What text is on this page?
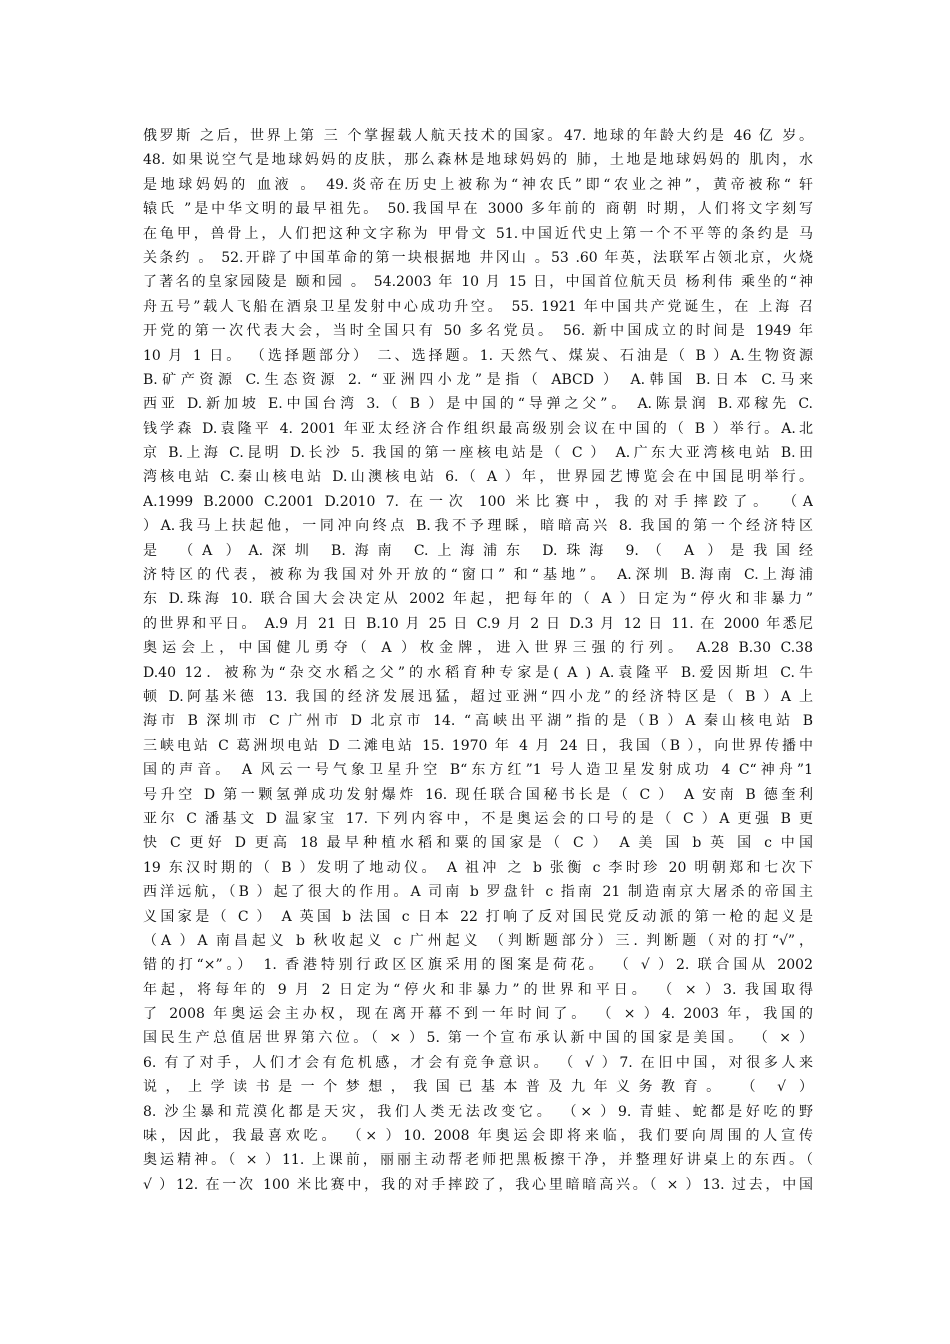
俄罗斯 之后，世界上第 三 个掌握载人航天技术的国家。47. 地球的年龄大约是 46 亿 岁。
48. 如果说空气是地球妈妈的皮肤，那么森林是地球妈妈的 肺，土地是地球妈妈的 肌肉，水
是地球妈妈的 血液 。 49.炎帝在历史上被称为“神农氏”即“农业之神”，黄帝被称“ 轩
辕氏 ”是中华文明的最早祖先。 50.我国早在 3000 多年前的 商朝 时期，人们将文字刻写
在龟甲，兽骨上，人们把这种文字称为 甲骨文 51.中国近代史上第一个不平等的条约是 马
关条约 。 52.开辟了中国革命的第一块根据地 井冈山 。53 .60 年英，法联军占领北京，火烧
了著名的皇家园陵是 颐和园 。 54.2003 年 10 月 15 日，中国首位航天员 杨利伟 乘坐的“神
舟五号”载人飞船在酒泉卫星发射中心成功升空。 55. 1921 年中国共产党诞生，在 上海 召
开党的第一次代表大会，当时全国只有 50 多名党员。 56. 新中国成立的时间是 1949 年
10 月 1 日。 （选择题部分） 二、选择题。1. 天然气、煤炭、石油是（ B ）A.生物资源
B.矿产资源 C.生态资源 2. “亚洲四小龙”是指（ ABCD ） A.韩国 B.日本 C.马来
西亚 D.新加坡 E.中国台湾 3.（ B ）是中国的“导弹之父”。 A.陈景润 B.邓稼先 C.
钱学森 D.袁隆平 4. 2001 年亚太经济合作组织最高级别会议在中国的（ B ）举行。A.北
京 B.上海 C.昆明 D.长沙 5. 我国的第一座核电站是（ C ） A.广东大亚湾核电站 B.田
湾核电站 C.秦山核电站 D.山澳核电站 6.（ A ）年，世界园艺博览会在中国昆明举行。
A.1999 B.2000 C.2001 D.2010 7. 在一次 100 米比赛中，我的对手摔跤了。 （A
）A.我马上扶起他，一同冲向终点 B.我不予理睬，暗暗高兴 8. 我国的第一个经济特区
是 （A ）A.深圳 B.海南 C.上海浦东 D.珠海 9.（ A ）是我国经
济特区的代表，被称为我国对外开放的“窗口” 和“基地”。 A.深圳 B.海南 C.上海浦
东 D.珠海 10. 联合国大会决定从 2002 年起，把每年的（ A ）日定为“停火和非暴力”
的世界和平日。 A.9 月 21 日 B.10 月 25 日 C.9 月 2 日 D.3 月 12 日 11. 在 2000 年悉尼
奥运会上，中国健儿勇夺（ A ）枚金牌，进入世界三强的行列。 A.28 B.30 C.38
D.40 12．被称为“杂交水稻之父”的水稻育种专家是( A ) A.袁隆平 B.爱因斯坦 C.牛
顿 D.阿基米德 13. 我国的经济发展迅猛，超过亚洲“四小龙”的经济特区是（ B ）A 上
海市 B 深圳市 C 广州市 D 北京市 14. “高峡出平湖”指的是（B ）A 秦山核电站 B
三峡电站 C 葛洲坝电站 D 二滩电站 15. 1970 年 4 月 24 日，我国（B ），向世界传播中
国的声音。 A 风云一号气象卫星升空 B“东方红”1 号人造卫星发射成功 4 C“神舟”1
号升空 D 第一颗氢弹成功发射爆炸 16. 现任联合国秘书长是（ C ） A 安南 B 德奎利
亚尔 C 潘基文 D 温家宝 17. 下列内容中，不是奥运会的口号的是（ C ）A 更强 B 更
快 C 更好 D 更高 18 最早种植水稻和粟的国家是（ C ） A 美 国 b 英 国 c 中国
19 东汉时期的（ B ）发明了地动仪。 A 祖冲 之 b 张衡 c 李时珍 20 明朝郑和七次下
西洋远航，（B ）起了很大的作用。A 司南 b 罗盘针 c 指南 21 制造南京大屠杀的帝国主
义国家是（ C ） A 英国 b 法国 c 日本 22 打响了反对国民党反动派的第一枪的起义是
（A ）A 南昌起义 b 秋收起义 c 广州起义 （判断题部分）三. 判断题（对的打“√”，
错的打“×”。） 1. 香港特别行政区区旗采用的图案是荷花。 （ √ ）2. 联合国从 2002
年起，将每年的 9 月 2 日定为“停火和非暴力”的世界和平日。 （ × ）3. 我国取得
了 2008 年奥运会主办权，现在离开幕不到一年时间了。 （ × ）4. 2003 年，我国的
国民生产总值居世界第六位。（ × ）5. 第一个宣布承认新中国的国家是美国。 （ × ）
6. 有了对手，人们才会有危机感，才会有竞争意识。 （ √ ）7. 在旧中国，对很多人来
说，上学读书是一个梦想，我国已基本普及九年义务教育。 （ √ ）
8. 沙尘暴和荒漠化都是天灾，我们人类无法改变它。 （× ）9. 青蛙、蛇都是好吃的野
味，因此，我最喜欢吃。 （× ）10. 2008 年奥运会即将来临，我们要向周围的人宣传
奥运精神。（ × ）11. 上课前，丽丽主动帮老师把黑板擦干净，并整理好讲桌上的东西。（
√ ）12. 在一次 100 米比赛中，我的对手摔跤了，我心里暗暗高兴。（ × ）13. 过去，中国
